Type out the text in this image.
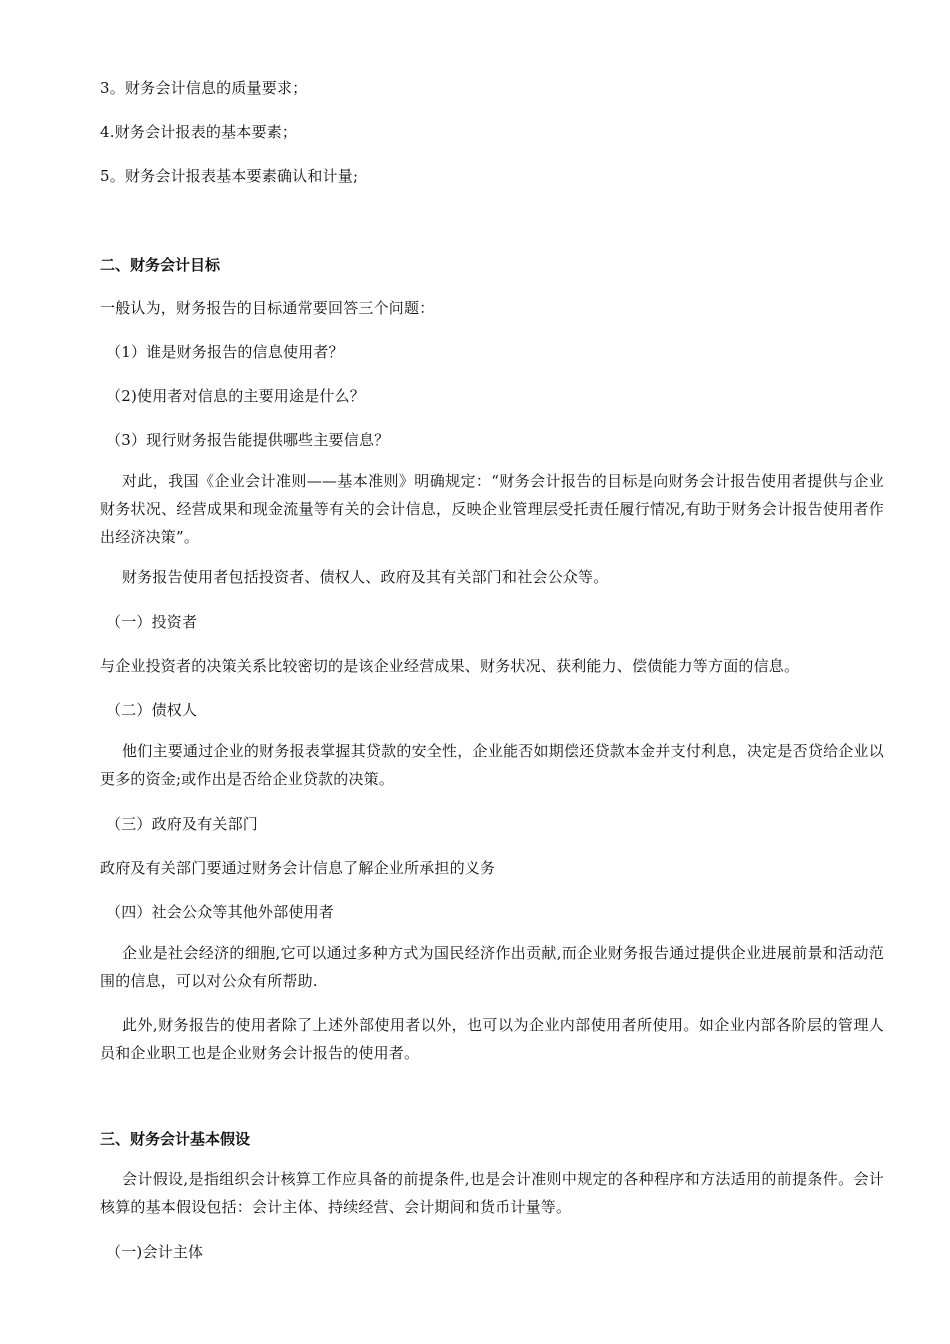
3。财务会计信息的质量要求；
4.财务会计报表的基本要素；
5。财务会计报表基本要素确认和计量;
二、财务会计目标
一般认为，财务报告的目标通常要回答三个问题：
（1）谁是财务报告的信息使用者？
（2)使用者对信息的主要用途是什么？
（3）现行财务报告能提供哪些主要信息？
对此，我国《企业会计准则——基本准则》明确规定：“财务会计报告的目标是向财务会计报告使用者提供与企业财务状况、经营成果和现金流量等有关的会计信息，反映企业管理层受托责任履行情况,有助于财务会计报告使用者作出经济决策”。
财务报告使用者包括投资者、债权人、政府及其有关部门和社会公众等。
（一）投资者
与企业投资者的决策关系比较密切的是该企业经营成果、财务状况、获利能力、偿债能力等方面的信息。
（二）债权人
他们主要通过企业的财务报表掌握其贷款的安全性，企业能否如期偿还贷款本金并支付利息，决定是否贷给企业以更多的资金;或作出是否给企业贷款的决策。
（三）政府及有关部门
政府及有关部门要通过财务会计信息了解企业所承担的义务
（四）社会公众等其他外部使用者
企业是社会经济的细胞,它可以通过多种方式为国民经济作出贡献,而企业财务报告通过提供企业进展前景和活动范围的信息，可以对公众有所帮助.
此外,财务报告的使用者除了上述外部使用者以外，也可以为企业内部使用者所使用。如企业内部各阶层的管理人员和企业职工也是企业财务会计报告的使用者。
三、财务会计基本假设
会计假设,是指组织会计核算工作应具备的前提条件,也是会计准则中规定的各种程序和方法适用的前提条件。会计核算的基本假设包括：会计主体、持续经营、会计期间和货币计量等。
（一)会计主体
